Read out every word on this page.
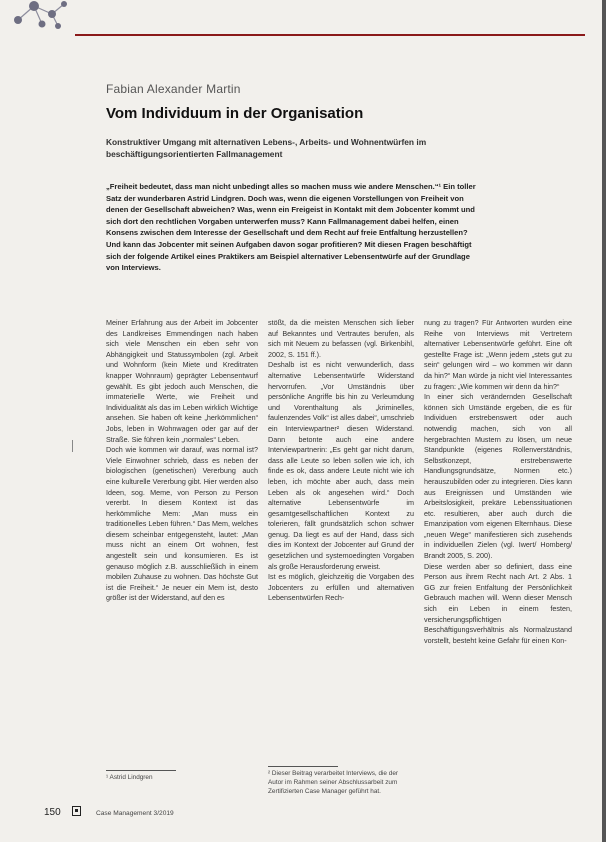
Fabian Alexander Martin
Vom Individuum in der Organisation
Konstruktiver Umgang mit alternativen Lebens-, Arbeits- und Wohnentwürfen im beschäftigungsorientierten Fallmanagement
„Freiheit bedeutet, dass man nicht unbedingt alles so machen muss wie andere Menschen.“¹ Ein toller Satz der wunderbaren Astrid Lindgren. Doch was, wenn die eigenen Vorstellungen von Freiheit von denen der Gesellschaft abweichen? Was, wenn ein Freigeist in Kontakt mit dem Jobcenter kommt und sich dort den rechtlichen Vorgaben unterwerfen muss? Kann Fallmanagement dabei helfen, einen Konsens zwischen dem Interesse der Gesellschaft und dem Recht auf freie Entfaltung herzustellen? Und kann das Jobcenter mit seinen Aufgaben davon sogar profitieren? Mit diesen Fragen beschäftigt sich der folgende Artikel eines Praktikers am Beispiel alternativer Lebensentwürfe auf der Grundlage von Interviews.

Meiner Erfahrung aus der Arbeit im Jobcenter des Landkreises Emmendingen nach haben sich viele Menschen ein eben sehr von Abhängigkeit und Statussymbolen (zgl. Arbeit und Wohnform (kein Miete und Kreditraten knapper Wohnraum) geprägter Lebensentwurf gewählt. Es gibt jedoch auch Menschen, die immaterielle Werte, wie Freiheit und Individualität als das im Leben wirklich Wichtige ansehen. Sie haben oft keine „herkömmlichen“ Jobs, leben in Wohnwagen oder gar auf der Straße. Sie führen kein „normales“ Leben.

Doch wie kommen wir darauf, was normal ist? Viele Einwohner schrieb, dass es neben der biologischen (genetischen) Vererbung auch eine kulturelle Vererbung gibt. Hier werden also Ideen, sog. Meme, von Person zu Person vererbt. In diesem Kontext ist das herkömmliche Mem: „Man muss ein traditionelles Leben führen.“ Das Mem, welches diesem scheinbar entgegensteht, lautet: „Man muss nicht an einem Ort wohnen, fest angestellt sein und konsumieren. Es ist genauso möglich z.B. ausschließlich in einem mobilen Zuhause zu wohnen. Das höchste Gut ist die Freiheit.“ Je neuer ein Mem ist, desto größer ist der Widerstand, auf den es

stößt, da die meisten Menschen sich lieber auf Bekanntes und Vertrautes berufen, als sich mit Neuem zu befassen (vgl. Birkenbihl, 2002, S. 151 ff.).

Deshalb ist es nicht verwunderlich, dass alternative Lebensentwürfe Widerstand hervorrufen. „Vor Umständnis über persönliche Angriffe bis hin zu Verleumdung und Vorenthaltung als „kriminelles, faulenzendes Volk“ ist alles dabei“, umschrieb ein Interviewpartner² diesen Widerstand. Dann betonte auch eine andere Interviewpartnerin: „Es geht gar nicht darum, dass alle Leute so leben sollen wie ich, ich finde es ok, dass andere Leute nicht wie ich leben, ich möchte aber auch, dass mein Leben als ok angesehen wird.“ Doch alternative Lebensentwürfe im gesamtgesellschaftlichen Kontext zu tolerieren, fällt grundsätzlich schon schwer genug. Da liegt es auf der Hand, dass sich dies im Kontext der Jobcenter auf Grund der gesetzlichen und systemoedingten Vorgaben als große Herausforderung erweist.

Ist es möglich, gleichzeitig die Vorgaben des Jobcenters zu erfüllen und alternativen Lebensentwürfen Rech-

nung zu tragen? Für Antworten wurden eine Reihe von Interviews mit Vertretern alternativer Lebensentwürfe geführt. Eine oft gestellte Frage ist: „Wenn jedem „stets gut zu sein“ gelungen wird – wo kommen wir dann da hin?“ Man würde ja nicht viel Interessantes zu fragen: „Wie kommen wir denn da hin?“

In einer sich verändernden Gesellschaft können sich Umstände ergeben, die es für Individuen erstrebenswert oder auch notwendig machen, sich von all hergebrachten Mustern zu lösen, um neue Standpunkte (eigenes Rollenverständnis, Selbstkonzept, erstrebenswerte Handlungsgrundsätze, Normen etc.) herauszubilden oder zu integrieren. Dies kann aus Ereignissen und Umständen wie Arbeitslosigkeit, prekäre Lebenssituationen etc. resultieren, aber auch durch die Emanzipation vom eigenen Elternhaus. Diese „neuen Wege“ manifestieren sich zusehends in individuellen Zielen (vgl. Iwert/ Homberg/ Brandt 2005, S. 200).

Diese werden aber so definiert, dass eine Person aus ihrem Recht nach Art. 2 Abs. 1 GG zur freien Entfaltung der Persönlichkeit Gebrauch machen will. Wenn dieser Mensch sich ein Leben in einem festen, versicherungspflichtigen Beschäftigungsverhältnis als Normalzustand vorstellt, besteht keine Gefahr für einen Kon-

¹ Astrid Lindgren
² Dieser Beitrag verarbeitet Interviews, die der Autor im Rahmen seiner Abschlussarbeit zum Zertifizierten Case Manager geführt hat.
150	Case Management 3/2019
